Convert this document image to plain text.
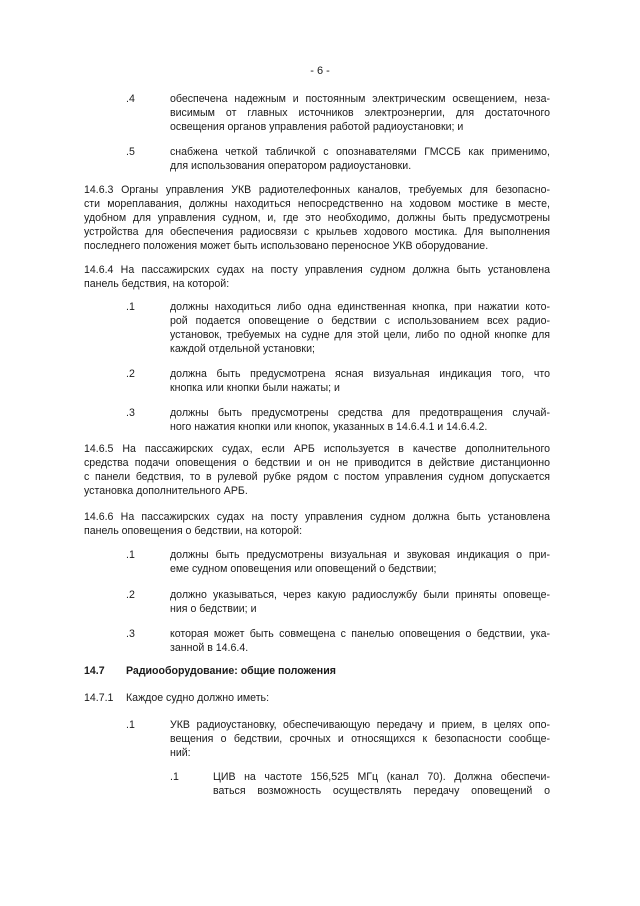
- 6 -
.4	обеспечена надежным и постоянным электрическим освещением, неза-
висимым от главных источников электроэнергии, для достаточного
освещения органов управления работой радиоустановки; и
.5	снабжена четкой табличкой с опознавателями ГМССБ как применимо,
для использования оператором радиоустановки.
14.6.3 Органы управления УКВ радиотелефонных каналов, требуемых для безопасно-
сти мореплавания, должны находиться непосредственно на ходовом мостике в месте,
удобном для управления судном, и, где это необходимо, должны быть предусмотрены
устройства для обеспечения радиосвязи с крыльев ходового мостика. Для выполнения
последнего положения может быть использовано переносное УКВ оборудование.
14.6.4 На пассажирских судах на посту управления судном должна быть установлена
панель бедствия, на которой:
.1	должны находиться либо одна единственная кнопка, при нажатии кото-
рой подается оповещение о бедствии с использованием всех радио-
установок, требуемых на судне для этой цели, либо по одной кнопке для
каждой отдельной установки;
.2	должна быть предусмотрена ясная визуальная индикация того, что
кнопка или кнопки были нажаты; и
.3	должны быть предусмотрены средства для предотвращения случай-
ного нажатия кнопки или кнопок, указанных в 14.6.4.1 и 14.6.4.2.
14.6.5 На пассажирских судах, если АРБ используется в качестве дополнительного
средства подачи оповещения о бедствии и он не приводится в действие дистанционно
с панели бедствия, то в рулевой рубке рядом с постом управления судном допускается
установка дополнительного АРБ.
14.6.6 На пассажирских судах на посту управления судном должна быть установлена
панель оповещения о бедствии, на которой:
.1	должны быть предусмотрены визуальная и звуковая индикация о при-
еме судном оповещения или оповещений о бедствии;
.2	должно указываться, через какую радиослужбу были приняты оповеще-
ния о бедствии; и
.3	которая может быть совмещена с панелью оповещения о бедствии, ука-
занной в 14.6.4.
14.7 Радиооборудование: общие положения
14.7.1 Каждое судно должно иметь:
.1	УКВ радиоустановку, обеспечивающую передачу и прием, в целях опо-
вещения о бедствии, срочных и относящихся к безопасности сообще-
ний:
.1	ЦИВ на частоте 156,525 МГц (канал 70). Должна обеспечи-
ваться возможность осуществлять передачу оповещений о
